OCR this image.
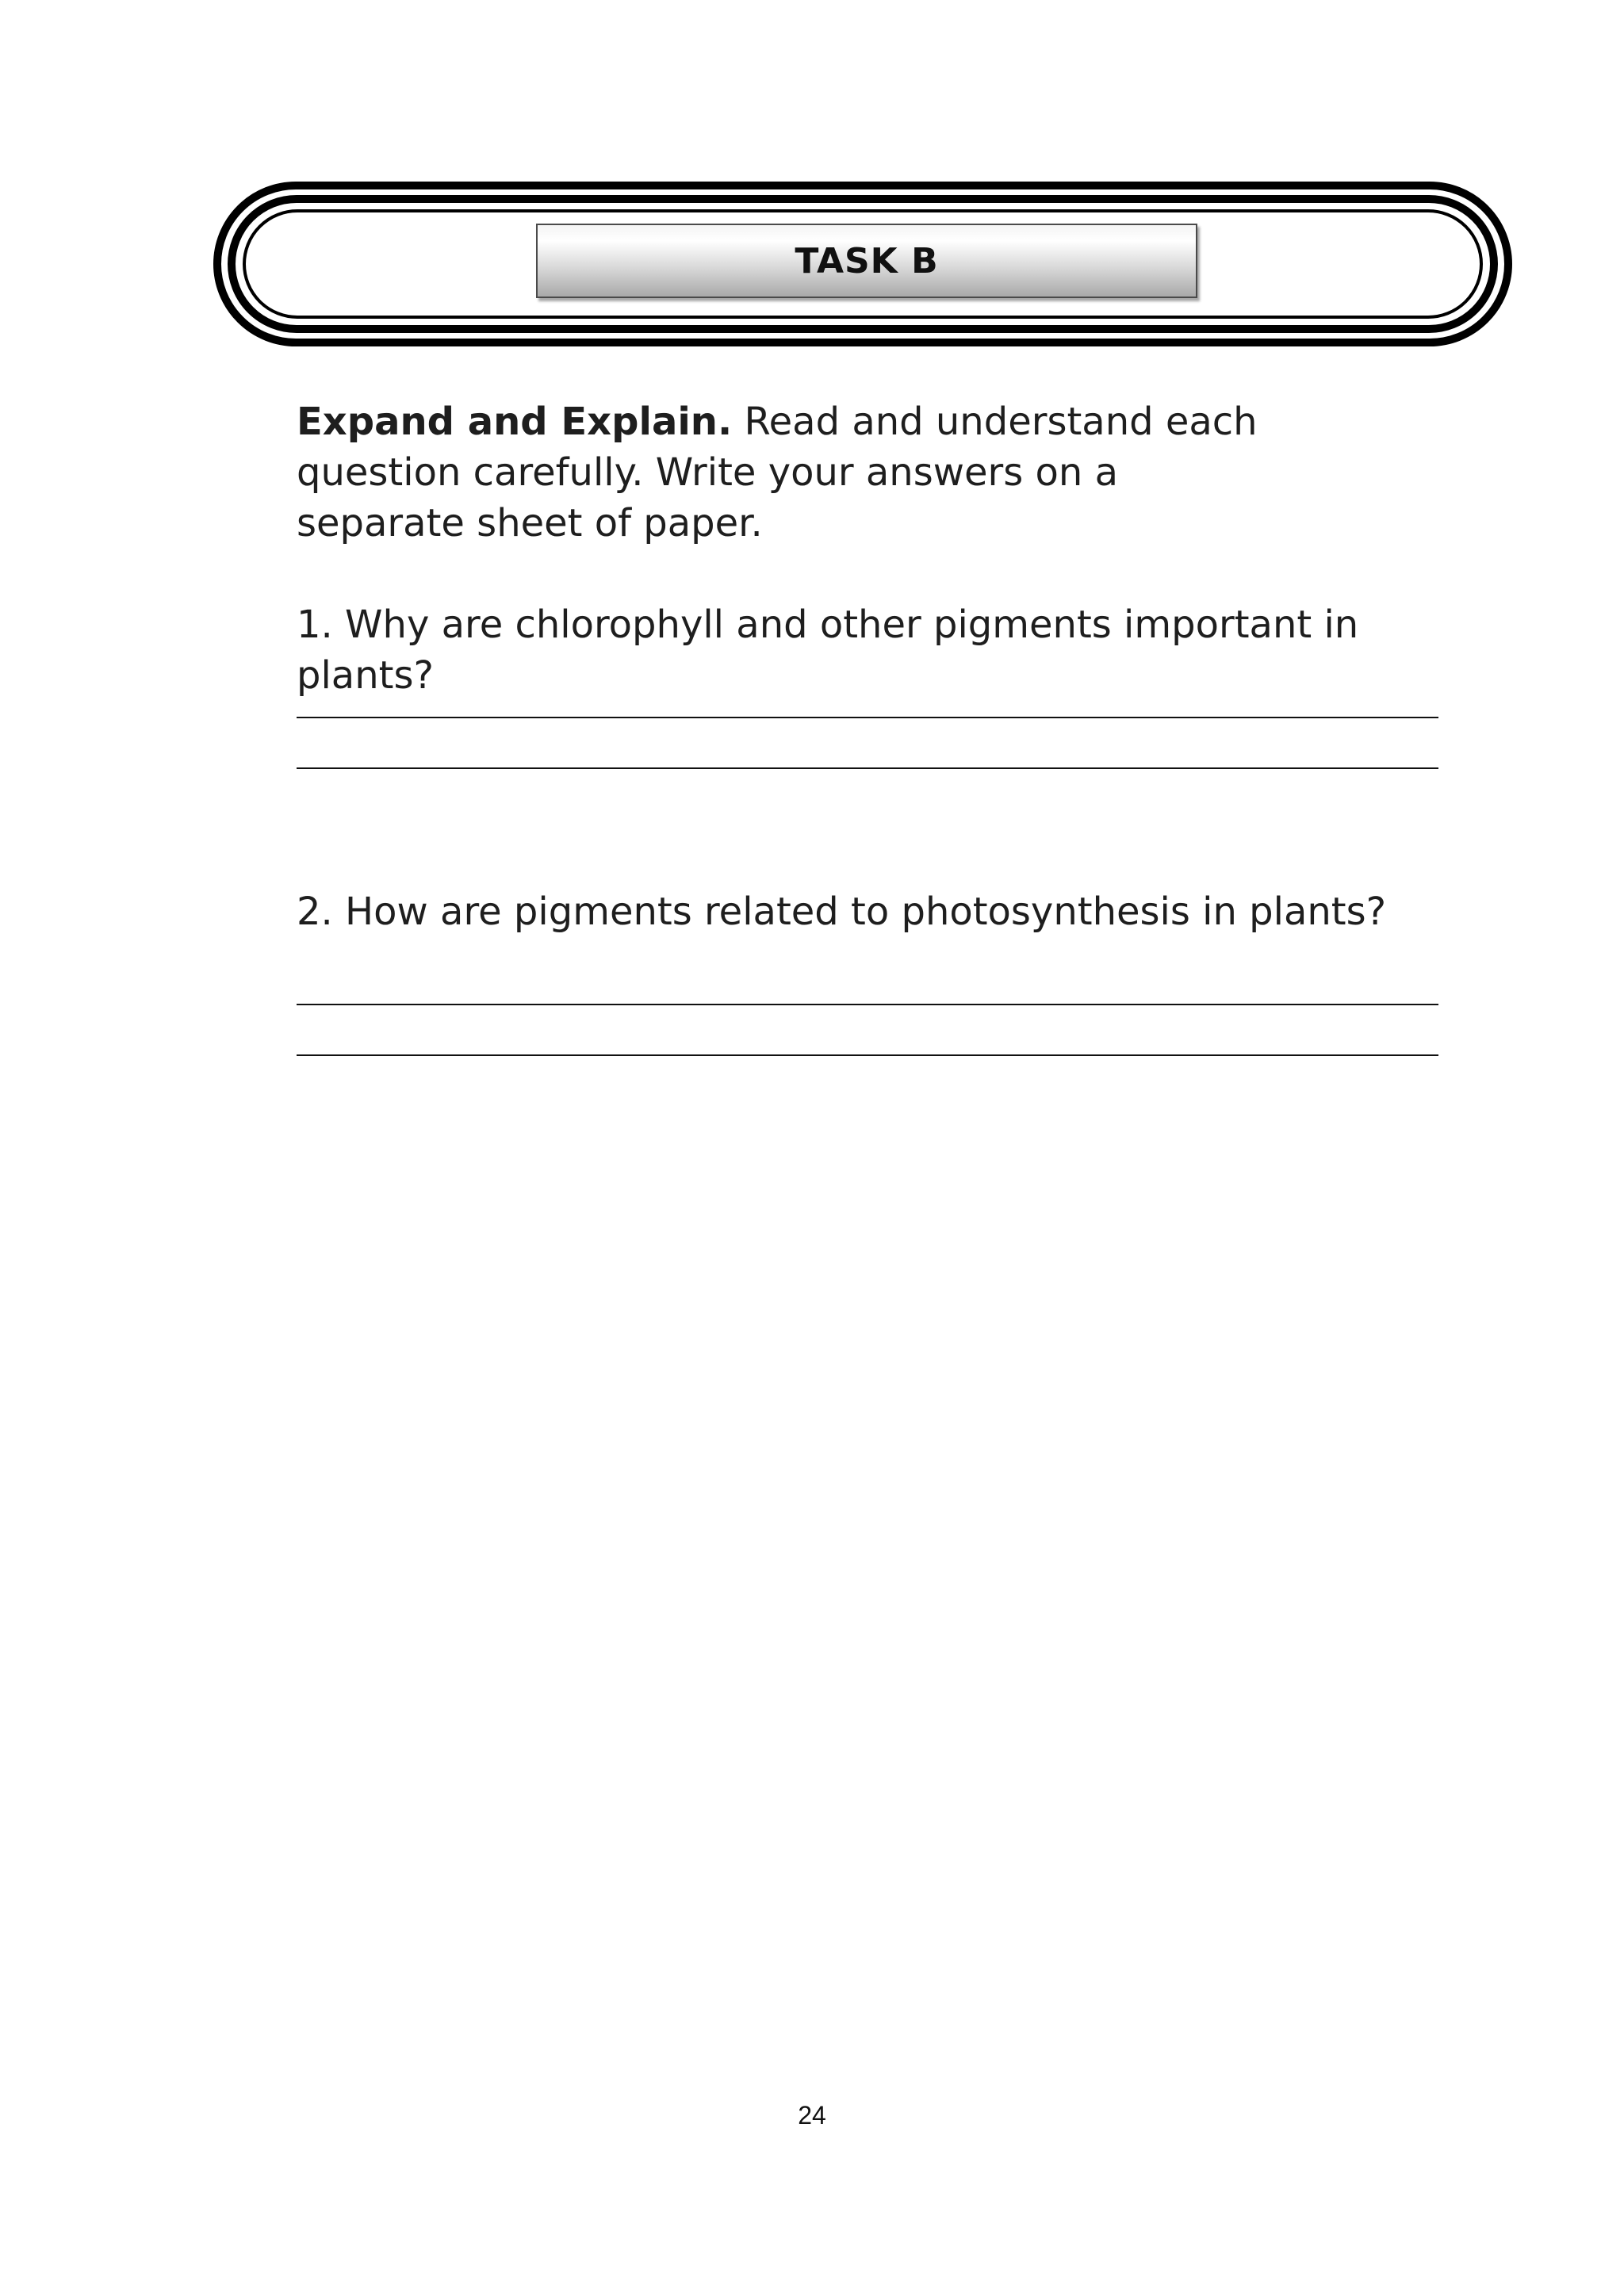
TASK B

Expand and Explain. Read and understand each question carefully. Write your answers on a separate sheet of paper.

1. Why are chlorophyll and other pigments important in plants?

2. How are pigments related to photosynthesis in plants?

24
